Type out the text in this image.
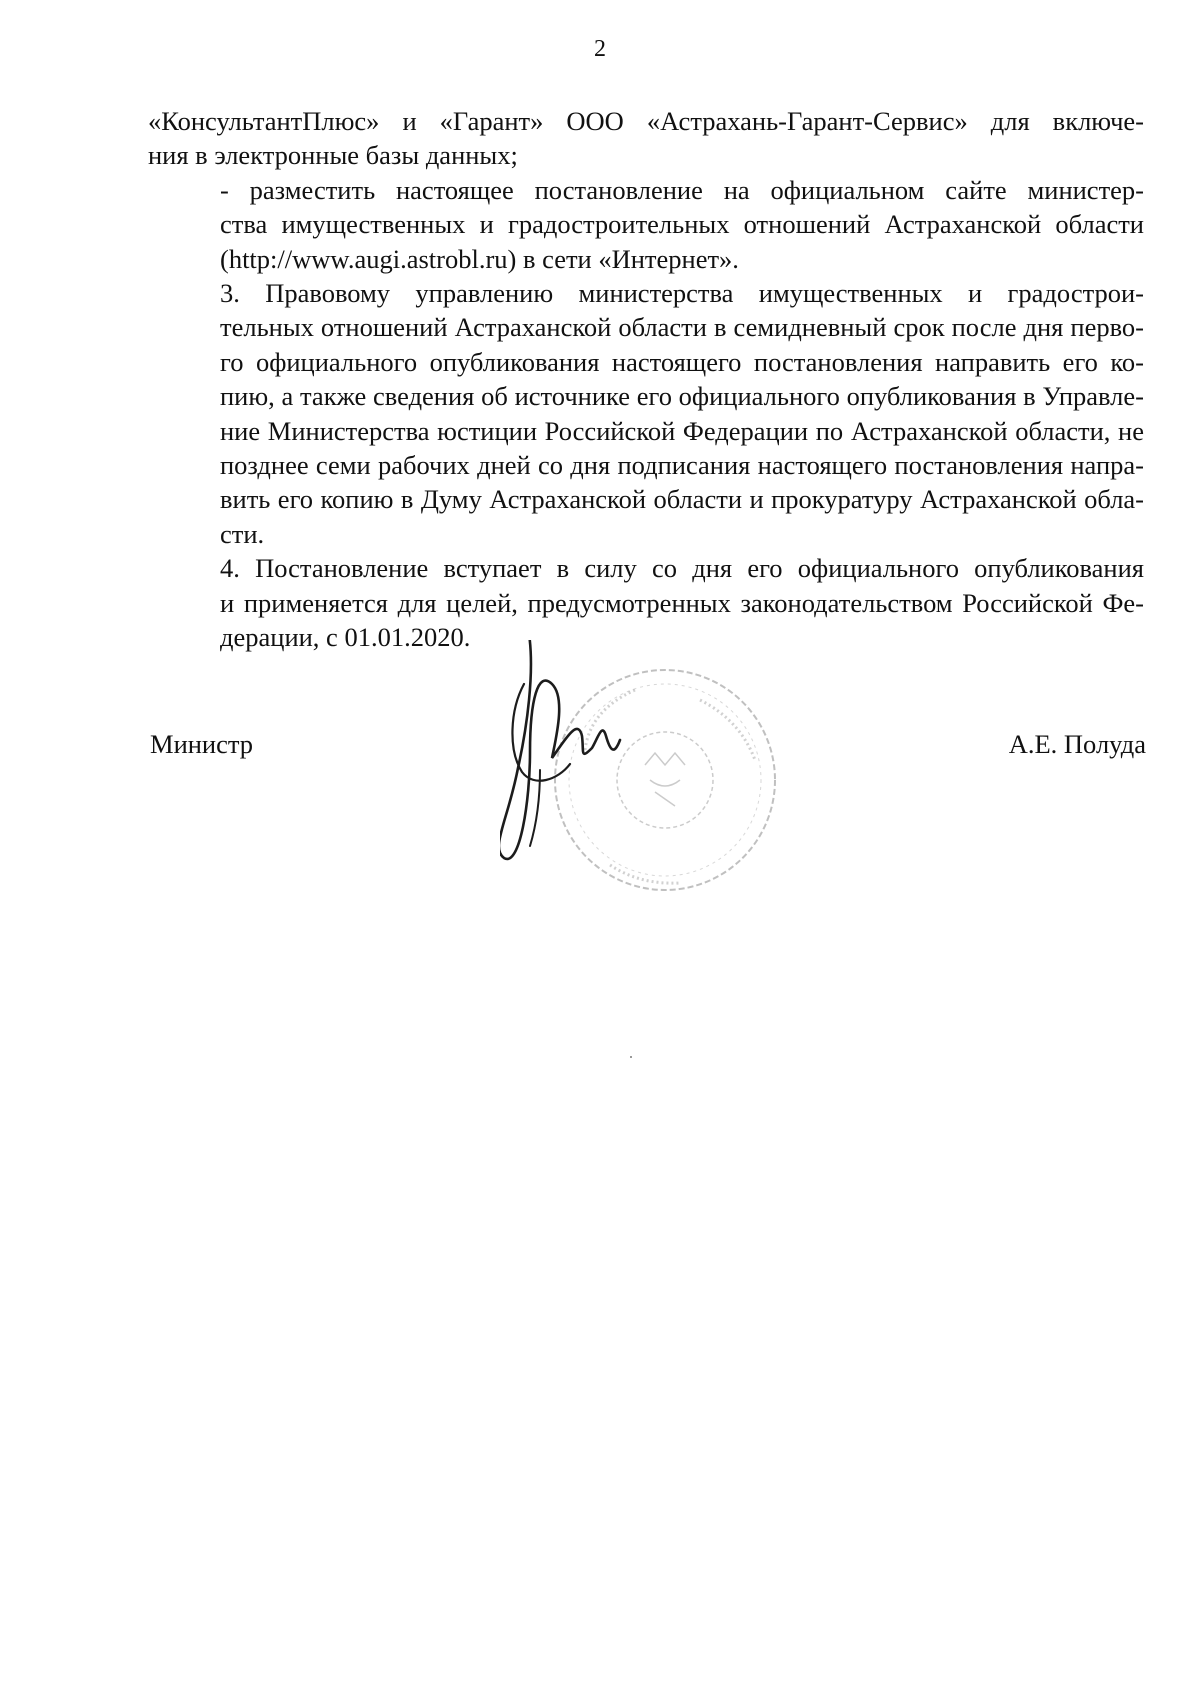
2

«КонсультантПлюс» и «Гарант» ООО «Астрахань-Гарант-Сервис» для включе-
ния в электронные базы данных;

- разместить настоящее постановление на официальном сайте министер-
ства имущественных и градостроительных отношений Астраханской области
(http://www.augi.astrobl.ru) в сети «Интернет».

3. Правовому управлению министерства имущественных и градострои-
тельных отношений Астраханской области в семидневный срок после дня перво-
го официального опубликования настоящего постановления направить его ко-
пию, а также сведения об источнике его официального опубликования в Управле-
ние Министерства юстиции Российской Федерации по Астраханской области, не
позднее семи рабочих дней со дня подписания настоящего постановления напра-
вить его копию в Думу Астраханской области и прокуратуру Астраханской обла-
сти.

4. Постановление вступает в силу со дня его официального опубликования
и применяется для целей, предусмотренных законодательством Российской Фе-
дерации, с 01.01.2020.

Министр	А.Е. Полуда
